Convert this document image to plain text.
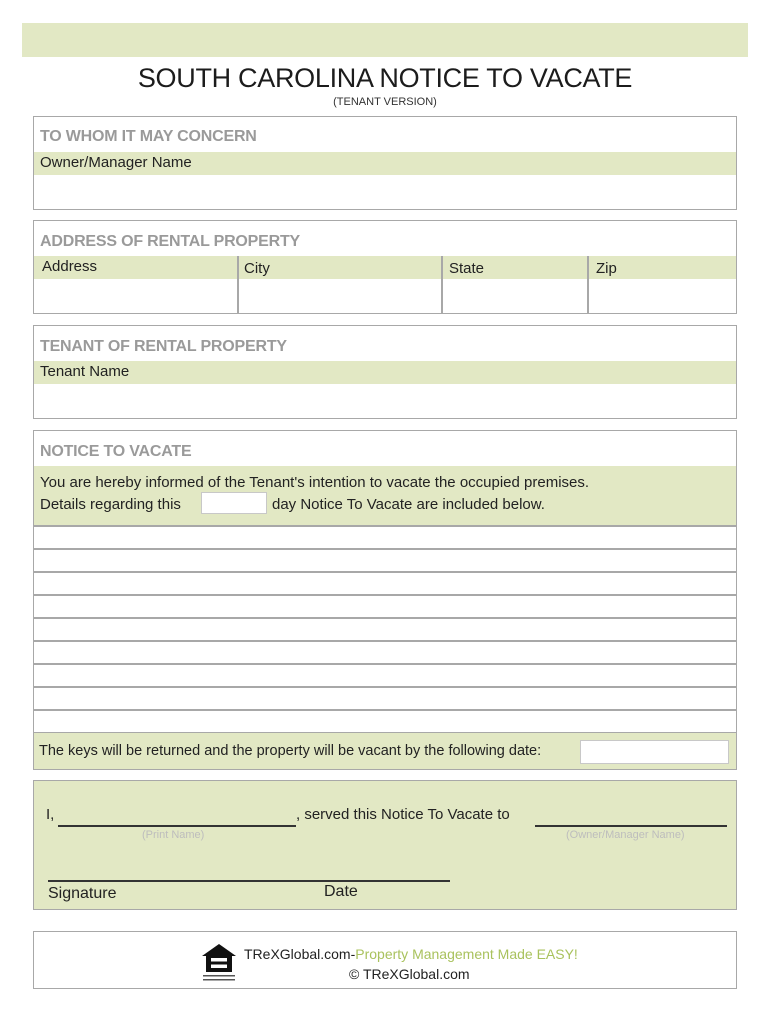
SOUTH CAROLINA NOTICE TO VACATE
(TENANT VERSION)
TO WHOM IT MAY CONCERN
Owner/Manager Name
ADDRESS OF RENTAL PROPERTY
Address	City	State	Zip
TENANT OF RENTAL PROPERTY
Tenant Name
NOTICE TO VACATE
You are hereby informed of the Tenant's intention to vacate the occupied premises.
Details regarding this	day Notice To Vacate are included below.
The keys will be returned and the property will be vacant by the following date:
I,	, served this Notice To Vacate to
(Print Name)	(Owner/Manager Name)
Signature	Date
TReXGlobal.com-Property Management Made EASY!
© TReXGlobal.com
